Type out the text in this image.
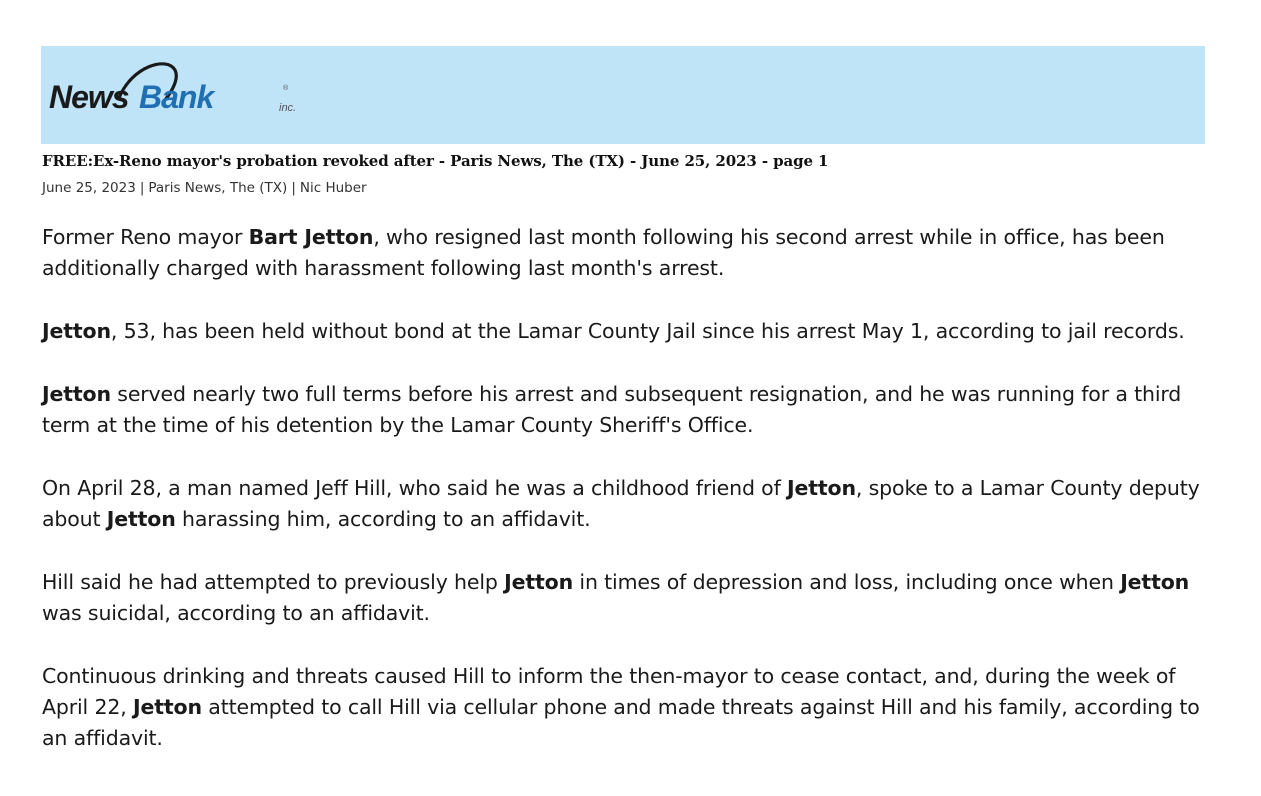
News Bank	inc.
®
FREE:Ex-Reno mayor's probation revoked after - Paris News, The (TX) - June 25, 2023 - page 1
June 25, 2023 | Paris News, The (TX) | Nic Huber

Former Reno mayor Bart Jetton, who resigned last month following his second arrest while in office, has been additionally charged with harassment following last month's arrest.

Jetton, 53, has been held without bond at the Lamar County Jail since his arrest May 1, according to jail records.

Jetton served nearly two full terms before his arrest and subsequent resignation, and he was running for a third term at the time of his detention by the Lamar County Sheriff's Office.

On April 28, a man named Jeff Hill, who said he was a childhood friend of Jetton, spoke to a Lamar County deputy about Jetton harassing him, according to an affidavit.

Hill said he had attempted to previously help Jetton in times of depression and loss, including once when Jetton was suicidal, according to an affidavit.

Continuous drinking and threats caused Hill to inform the then-mayor to cease contact, and, during the week of April 22, Jetton attempted to call Hill via cellular phone and made threats against Hill and his family, according to an affidavit.
